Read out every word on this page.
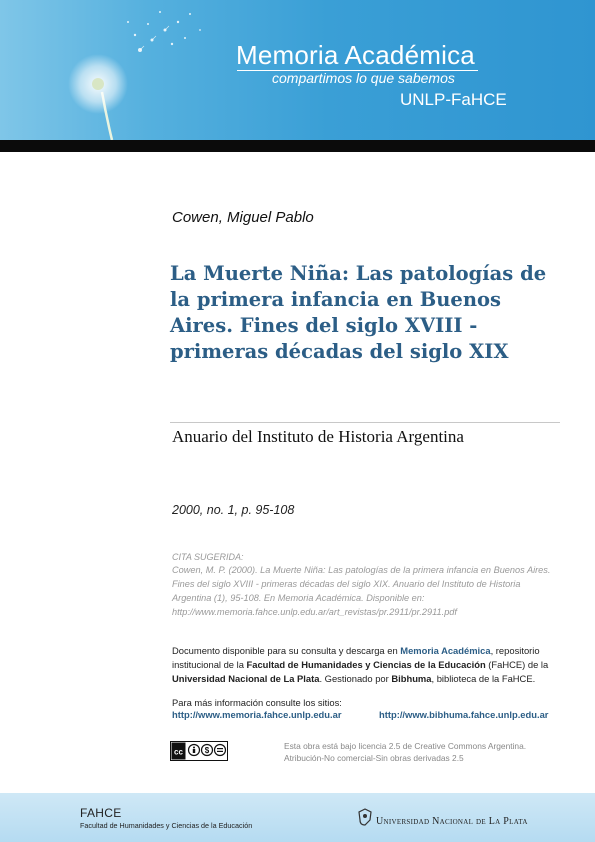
Memoria Académica
compartimos lo que sabemos
UNLP-FaHCE
Cowen, Miguel Pablo
La Muerte Niña: Las patologías de la primera infancia en Buenos Aires. Fines del siglo XVIII - primeras décadas del siglo XIX
Anuario del Instituto de Historia Argentina
2000, no. 1, p. 95-108
CITA SUGERIDA:
Cowen, M. P. (2000). La Muerte Niña: Las patologías de la primera infancia en Buenos Aires. Fines del siglo XVIII - primeras décadas del siglo XIX. Anuario del Instituto de Historia Argentina (1), 95-108. En Memoria Académica. Disponible en: http://www.memoria.fahce.unlp.edu.ar/art_revistas/pr.2911/pr.2911.pdf
Documento disponible para su consulta y descarga en Memoria Académica, repositorio institucional de la Facultad de Humanidades y Ciencias de la Educación (FaHCE) de la Universidad Nacional de La Plata. Gestionado por Bibhuma, biblioteca de la FaHCE.
Para más información consulte los sitios:
http://www.memoria.fahce.unlp.edu.ar	http://www.bibhuma.fahce.unlp.edu.ar
cc	$	Esta obra está bajo licencia 2.5 de Creative Commons Argentina.
Atribución-No comercial-Sin obras derivadas 2.5
FAHCE
Facultad de Humanidades y Ciencias de la Educación	Universidad Nacional de La Plata
